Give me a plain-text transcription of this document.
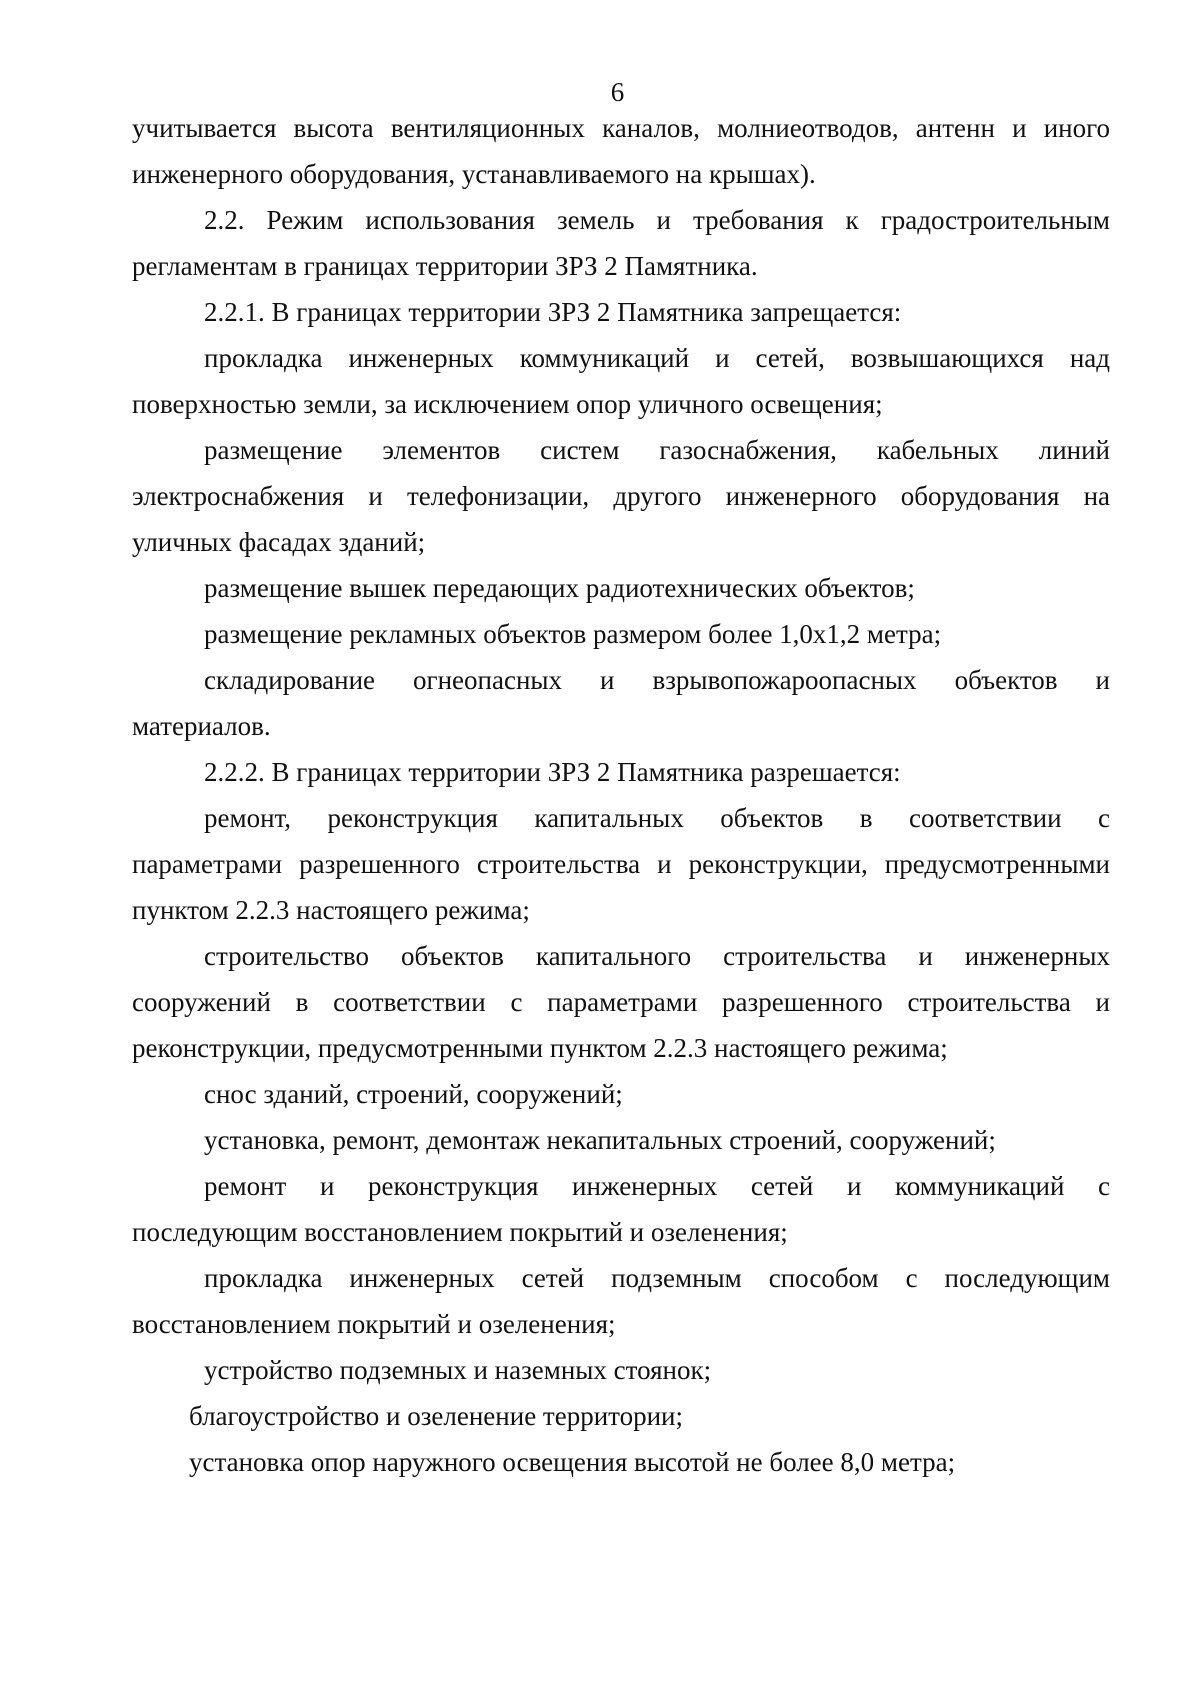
6
учитывается высота вентиляционных каналов, молниеотводов, антенн и иного
инженерного оборудования, устанавливаемого на крышах).
2.2. Режим использования земель и требования к градостроительным
регламентам в границах территории ЗРЗ 2 Памятника.
2.2.1. В границах территории ЗРЗ 2 Памятника запрещается:
прокладка инженерных коммуникаций и сетей, возвышающихся над
поверхностью земли, за исключением опор уличного освещения;
размещение элементов систем газоснабжения, кабельных линий
электроснабжения и телефонизации, другого инженерного оборудования на
уличных фасадах зданий;
размещение вышек передающих радиотехнических объектов;
размещение рекламных объектов размером более 1,0х1,2 метра;
складирование огнеопасных и взрывопожароопасных объектов и
материалов.
2.2.2. В границах территории ЗРЗ 2 Памятника разрешается:
ремонт, реконструкция капитальных объектов в соответствии с
параметрами разрешенного строительства и реконструкции, предусмотренными
пунктом 2.2.3 настоящего режима;
строительство объектов капитального строительства и инженерных
сооружений в соответствии с параметрами разрешенного строительства и
реконструкции, предусмотренными пунктом 2.2.3 настоящего режима;
снос зданий, строений, сооружений;
установка, ремонт, демонтаж некапитальных строений, сооружений;
ремонт и реконструкция инженерных сетей и коммуникаций с
последующим восстановлением покрытий и озеленения;
прокладка инженерных сетей подземным способом с последующим
восстановлением покрытий и озеленения;
устройство подземных и наземных стоянок;
благоустройство и озеленение территории;
установка опор наружного освещения высотой не более 8,0 метра;
